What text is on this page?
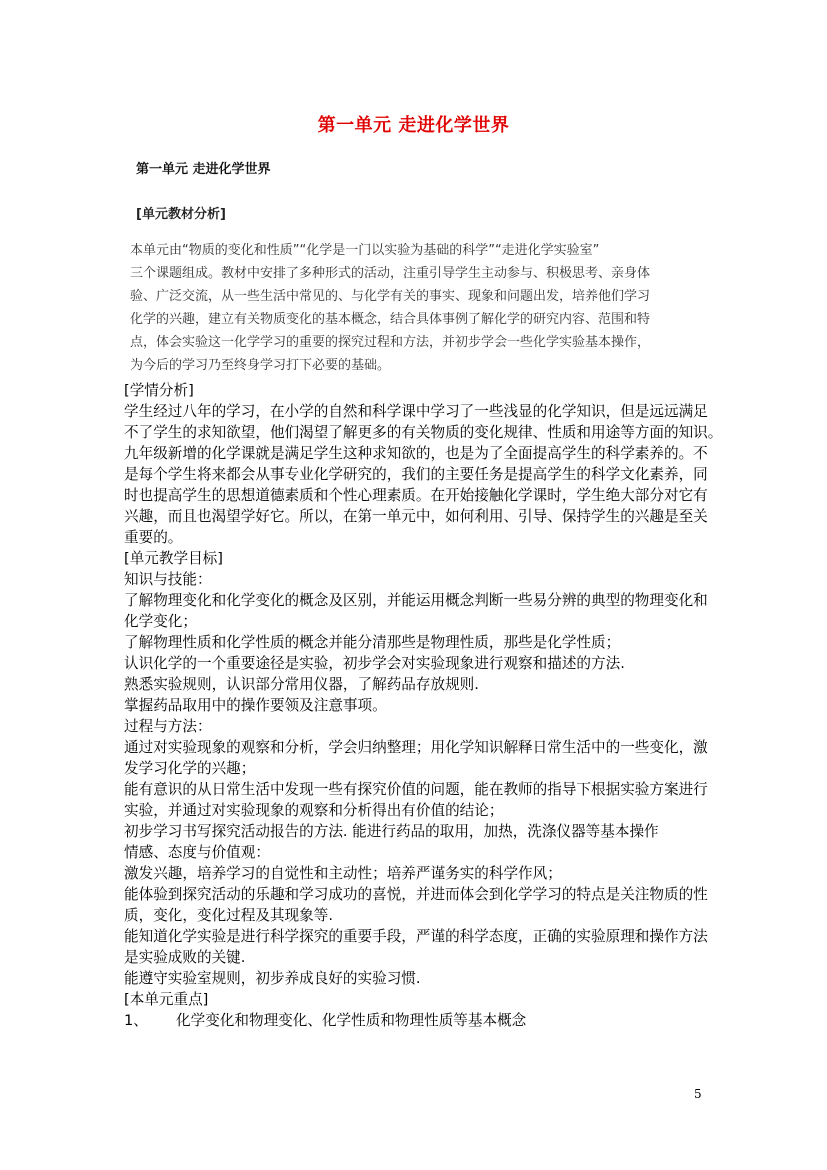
第一单元 走进化学世界
第一单元 走进化学世界
[单元教材分析]
本单元由“物质的变化和性质”“化学是一门以实验为基础的科学”“走进化学实验室”
三个课题组成。教材中安排了多种形式的活动，注重引导学生主动参与、积极思考、亲身体
验、广泛交流，从一些生活中常见的、与化学有关的事实、现象和问题出发，培养他们学习
化学的兴趣，建立有关物质变化的基本概念，结合具体事例了解化学的研究内容、范围和特
点，体会实验这一化学学习的重要的探究过程和方法，并初步学会一些化学实验基本操作，
为今后的学习乃至终身学习打下必要的基础。
[学情分析]
学生经过八年的学习，在小学的自然和科学课中学习了一些浅显的化学知识，但是远远满足
不了学生的求知欲望，他们渴望了解更多的有关物质的变化规律、性质和用途等方面的知识。
九年级新增的化学课就是满足学生这种求知欲的，也是为了全面提高学生的科学素养的。不
是每个学生将来都会从事专业化学研究的，我们的主要任务是提高学生的科学文化素养，同
时也提高学生的思想道德素质和个性心理素质。在开始接触化学课时，学生绝大部分对它有
兴趣，而且也渴望学好它。所以，在第一单元中，如何利用、引导、保持学生的兴趣是至关
重要的。
[单元教学目标]
知识与技能：
了解物理变化和化学变化的概念及区别，并能运用概念判断一些易分辨的典型的物理变化和
化学变化；
了解物理性质和化学性质的概念并能分清那些是物理性质，那些是化学性质；
认识化学的一个重要途径是实验，初步学会对实验现象进行观察和描述的方法.
熟悉实验规则，认识部分常用仪器，了解药品存放规则.
掌握药品取用中的操作要领及注意事项。
过程与方法：
通过对实验现象的观察和分析，学会归纳整理；用化学知识解释日常生活中的一些变化，激
发学习化学的兴趣；
能有意识的从日常生活中发现一些有探究价值的问题，能在教师的指导下根据实验方案进行
实验，并通过对实验现象的观察和分析得出有价值的结论；
初步学习书写探究活动报告的方法. 能进行药品的取用，加热，洗涤仪器等基本操作
情感、态度与价值观：
激发兴趣，培养学习的自觉性和主动性；培养严谨务实的科学作风；
能体验到探究活动的乐趣和学习成功的喜悦，并进而体会到化学学习的特点是关注物质的性
质，变化，变化过程及其现象等.
能知道化学实验是进行科学探究的重要手段，严谨的科学态度，正确的实验原理和操作方法
是实验成败的关键.
能遵守实验室规则，初步养成良好的实验习惯.
[本单元重点]
1、	化学变化和物理变化、化学性质和物理性质等基本概念
5
